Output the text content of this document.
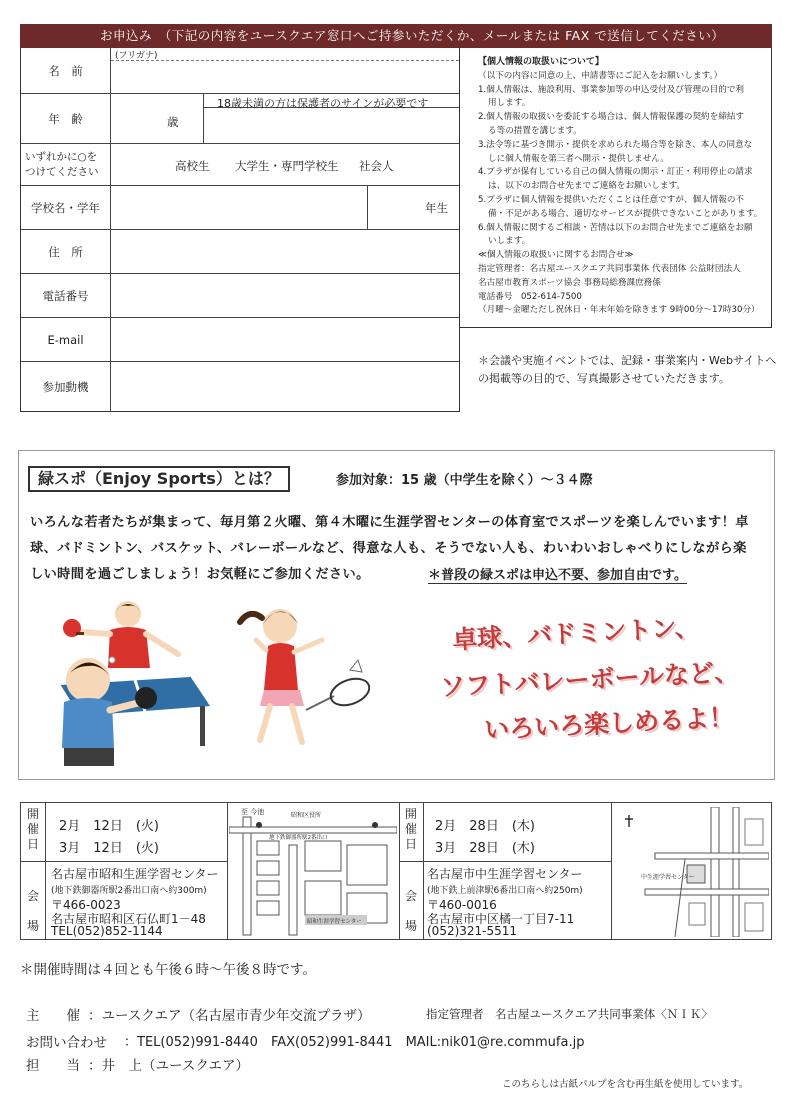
お申込み　（下記の内容をユースクエア窓口へご持参いただくか、メールまたは FAX で送信してください）
名　前
(フリガナ)
年　齢	歳
18歳未満の方は保護者のサインが必要です
いずれかに○をつけてください	高校生 大学生・専門学校生 社会人
学校名・学年	年生
住　所
電話番号
E-mail
参加動機
【個人情報の取扱いについて】
（以下の内容に同意の上、申請書等にご記入をお願いします。）
1.個人情報は、施設利用、事業参加等の申込受付及び管理の目的で利
用します。
2.個人情報の取扱いを委託する場合は、個人情報保護の契約を締結す
る等の措置を講じます。
3.法令等に基づき開示・提供を求められた場合等を除き、本人の同意な
しに個人情報を第三者へ開示・提供しません。
4.プラザが保有している自己の個人情報の開示・訂正・利用停止の請求
は、以下のお問合せ先までご連絡をお願いします。
5.プラザに個人情報を提供いただくことは任意ですが、個人情報の不
備・不足がある場合、適切なサービスが提供できないことがあります。
6.個人情報に関するご相談・苦情は以下のお問合せ先までご連絡をお願
いします。
≪個人情報の取扱いに関するお問合せ≫
指定管理者：名古屋ユースクエア共同事業体 代表団体 公益財団法人
名古屋市教育スポーツ協会 事務局総務課庶務係
電話番号　052-614-7500
（月曜～金曜ただし祝休日・年末年始を除きます 9時00分～17時30分）
＊会議や実施イベントでは、記録・事業案内・Webサイトへの掲載等の目的で、写真撮影させていただきます。
緑スポ（Enjoy Sports）とは？	参加対象：15 歳（中学生を除く）～３４際
いろんな若者たちが集まって、毎月第２火曜、第４木曜に生涯学習センターの体育室でスポーツを楽しんでいます！卓球、バドミントン、バスケット、バレーボールなど、得意な人も、そうでない人も、わいわいおしゃべりにしながら楽しい時間を過ごしましょう！お気軽にご参加ください。	＊普段の緑スポは申込不要、参加自由です。
卓球、バドミントン、
ソフトバレーボールなど、
いろいろ楽しめるよ！
開
催
日
会
場
2月　12日　(火)
3月　12日　(火)
名古屋市昭和生涯学習センター
(地下鉄御器所駅2番出口南へ約300m)
〒466-0023
名古屋市昭和区石仏町1－48
TEL(052)852-1144
至 今池	昭和区役所
地下鉄御器所駅2番出口
昭和生涯学習センター
開
催
日
会
場
2月　28日　(木)
3月　28日　(木)
名古屋市中生涯学習センター
(地下鉄上前津駅6番出口南へ約250m)
〒460-0016
名古屋市中区橘一丁目7-11
(052)321-5511
中生涯学習センター
＊開催時間は４回とも午後６時～午後８時です。
主　　催 ：ユースクエア（名古屋市青少年交流プラザ）	指定管理者　名古屋ユースクエア共同事業体〈ＮＩＫ〉
お問い合わせ ：TEL(052)991-8440　FAX(052)991-8441　MAIL:nik01@re.commufa.jp
担　　当 ：井　上（ユースクエア）
このちらしは古紙パルプを含む再生紙を使用しています。
